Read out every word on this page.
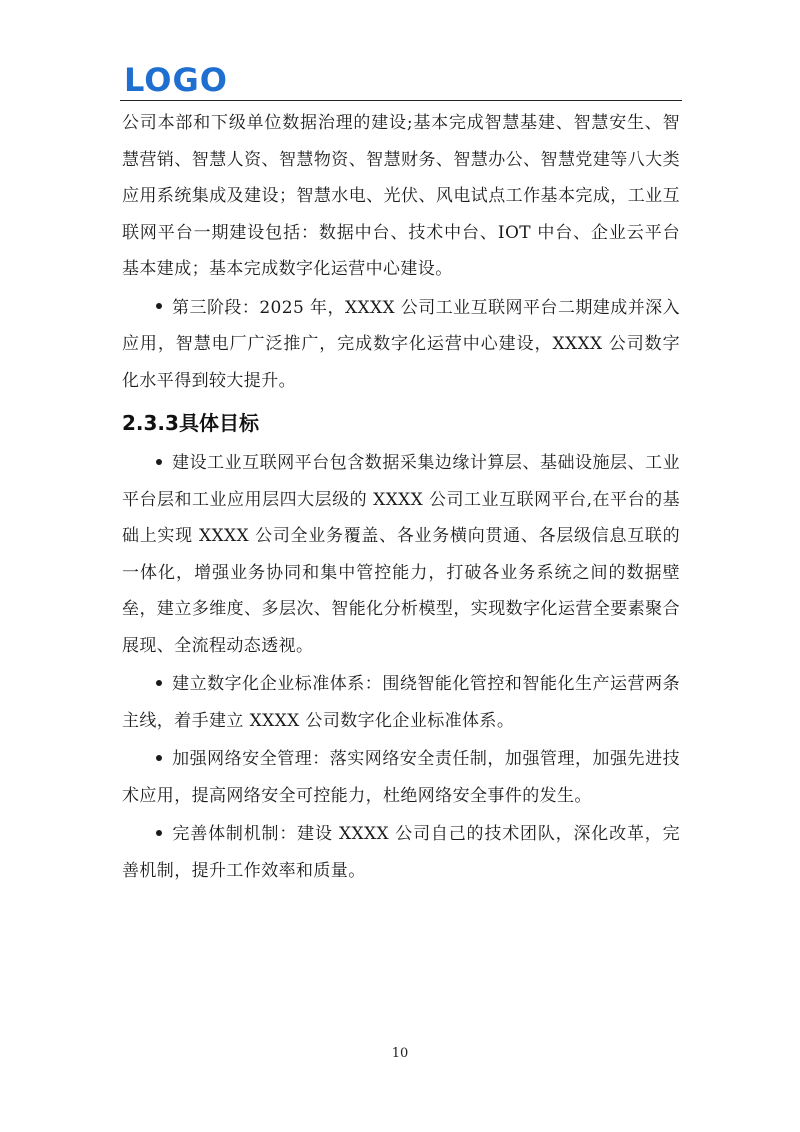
LOGO

公司本部和下级单位数据治理的建设;基本完成智慧基建、智慧安生、智慧营销、智慧人资、智慧物资、智慧财务、智慧办公、智慧党建等八大类应用系统集成及建设；智慧水电、光伏、风电试点工作基本完成，工业互联网平台一期建设包括：数据中台、技术中台、IOT 中台、企业云平台基本建成；基本完成数字化运营中心建设。

第三阶段：2025 年，XXXX 公司工业互联网平台二期建成并深入应用，智慧电厂广泛推广，完成数字化运营中心建设，XXXX 公司数字化水平得到较大提升。

2.3.3具体目标

建设工业互联网平台包含数据采集边缘计算层、基础设施层、工业平台层和工业应用层四大层级的 XXXX 公司工业互联网平台,在平台的基础上实现 XXXX 公司全业务覆盖、各业务横向贯通、各层级信息互联的一体化，增强业务协同和集中管控能力，打破各业务系统之间的数据壁垒，建立多维度、多层次、智能化分析模型，实现数字化运营全要素聚合展现、全流程动态透视。

建立数字化企业标准体系：围绕智能化管控和智能化生产运营两条主线，着手建立 XXXX 公司数字化企业标准体系。

加强网络安全管理：落实网络安全责任制，加强管理，加强先进技术应用，提高网络安全可控能力，杜绝网络安全事件的发生。

完善体制机制：建设 XXXX 公司自己的技术团队，深化改革，完善机制，提升工作效率和质量。

10
